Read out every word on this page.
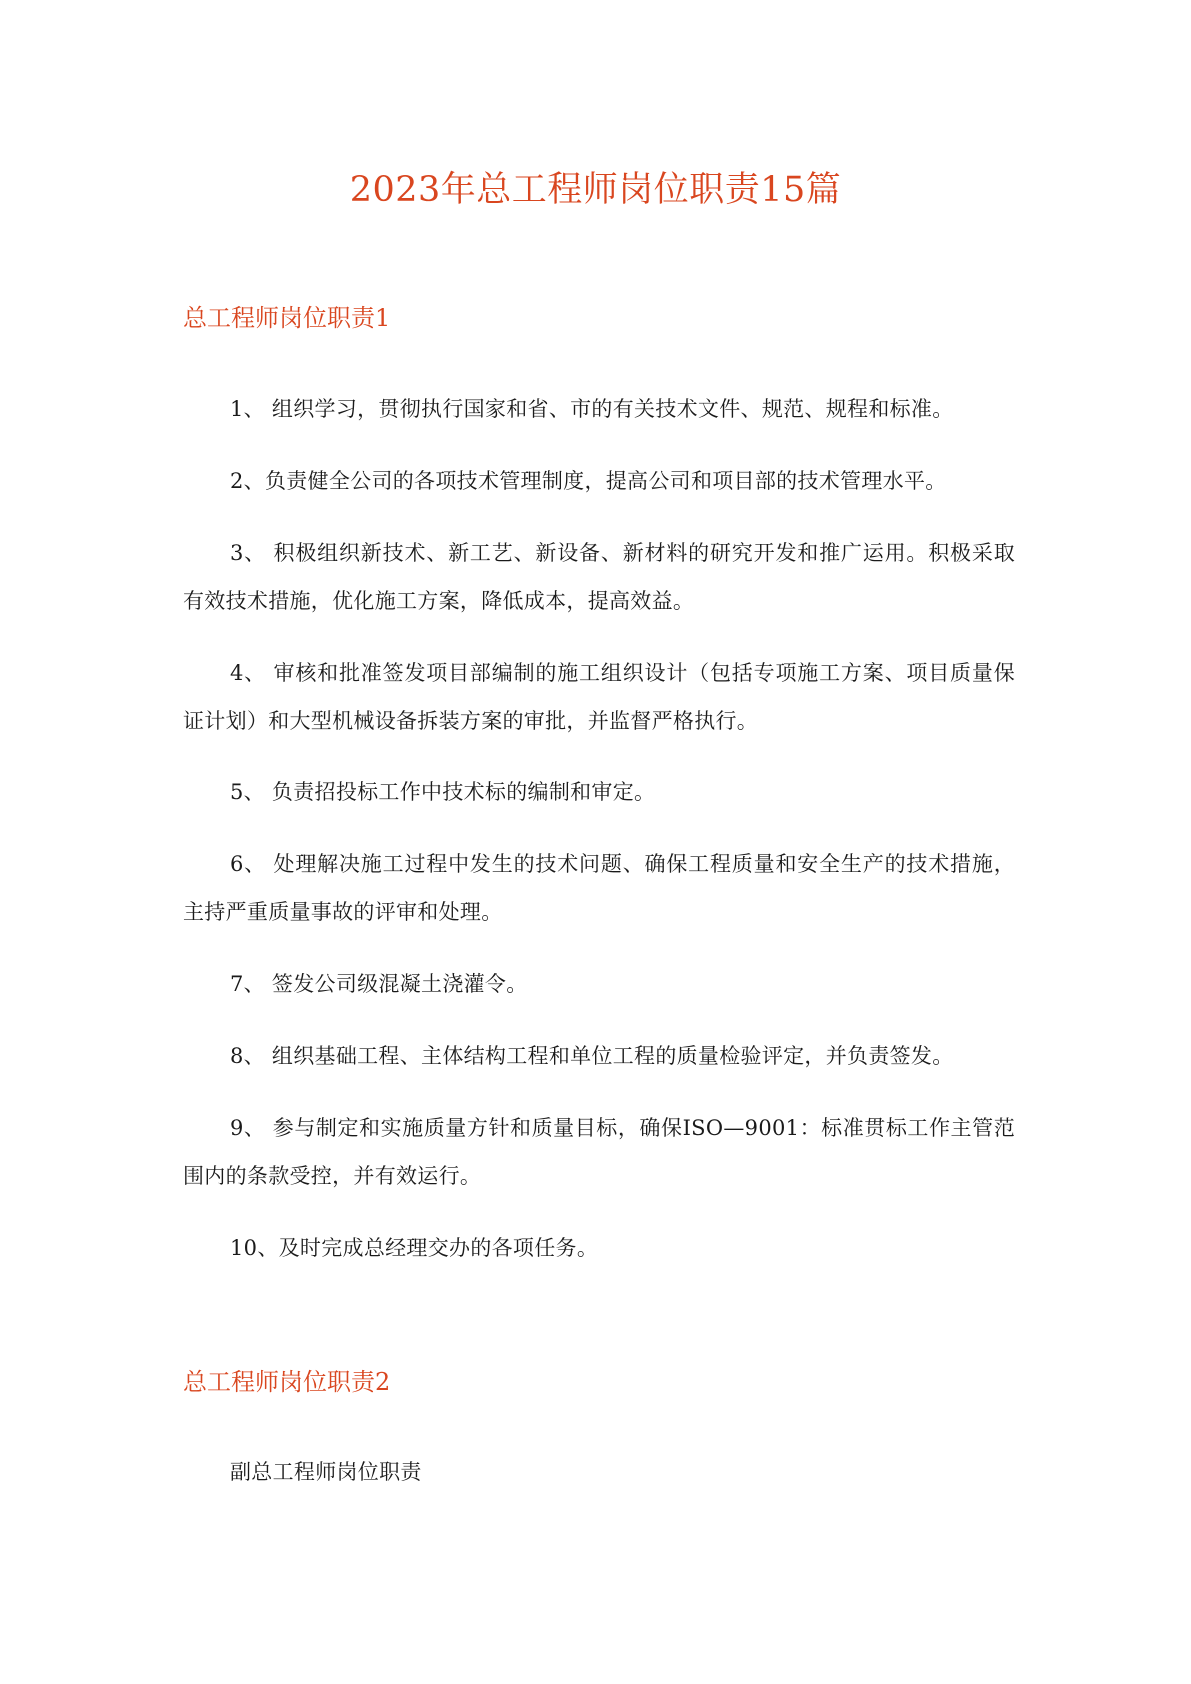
2023年总工程师岗位职责15篇
总工程师岗位职责1

1、 组织学习，贯彻执行国家和省、市的有关技术文件、规范、规程和标准。

2、负责健全公司的各项技术管理制度，提高公司和项目部的技术管理水平。

3、 积极组织新技术、新工艺、新设备、新材料的研究开发和推广运用。积极采取有效技术措施，优化施工方案，降低成本，提高效益。

4、 审核和批准签发项目部编制的施工组织设计（包括专项施工方案、项目质量保证计划）和大型机械设备拆装方案的审批，并监督严格执行。

5、 负责招投标工作中技术标的编制和审定。

6、 处理解决施工过程中发生的技术问题、确保工程质量和安全生产的技术措施，主持严重质量事故的评审和处理。

7、 签发公司级混凝土浇灌令。

8、 组织基础工程、主体结构工程和单位工程的质量检验评定，并负责签发。

9、 参与制定和实施质量方针和质量目标，确保ISO—9001：标准贯标工作主管范围内的条款受控，并有效运行。

10、及时完成总经理交办的各项任务。

总工程师岗位职责2

副总工程师岗位职责
